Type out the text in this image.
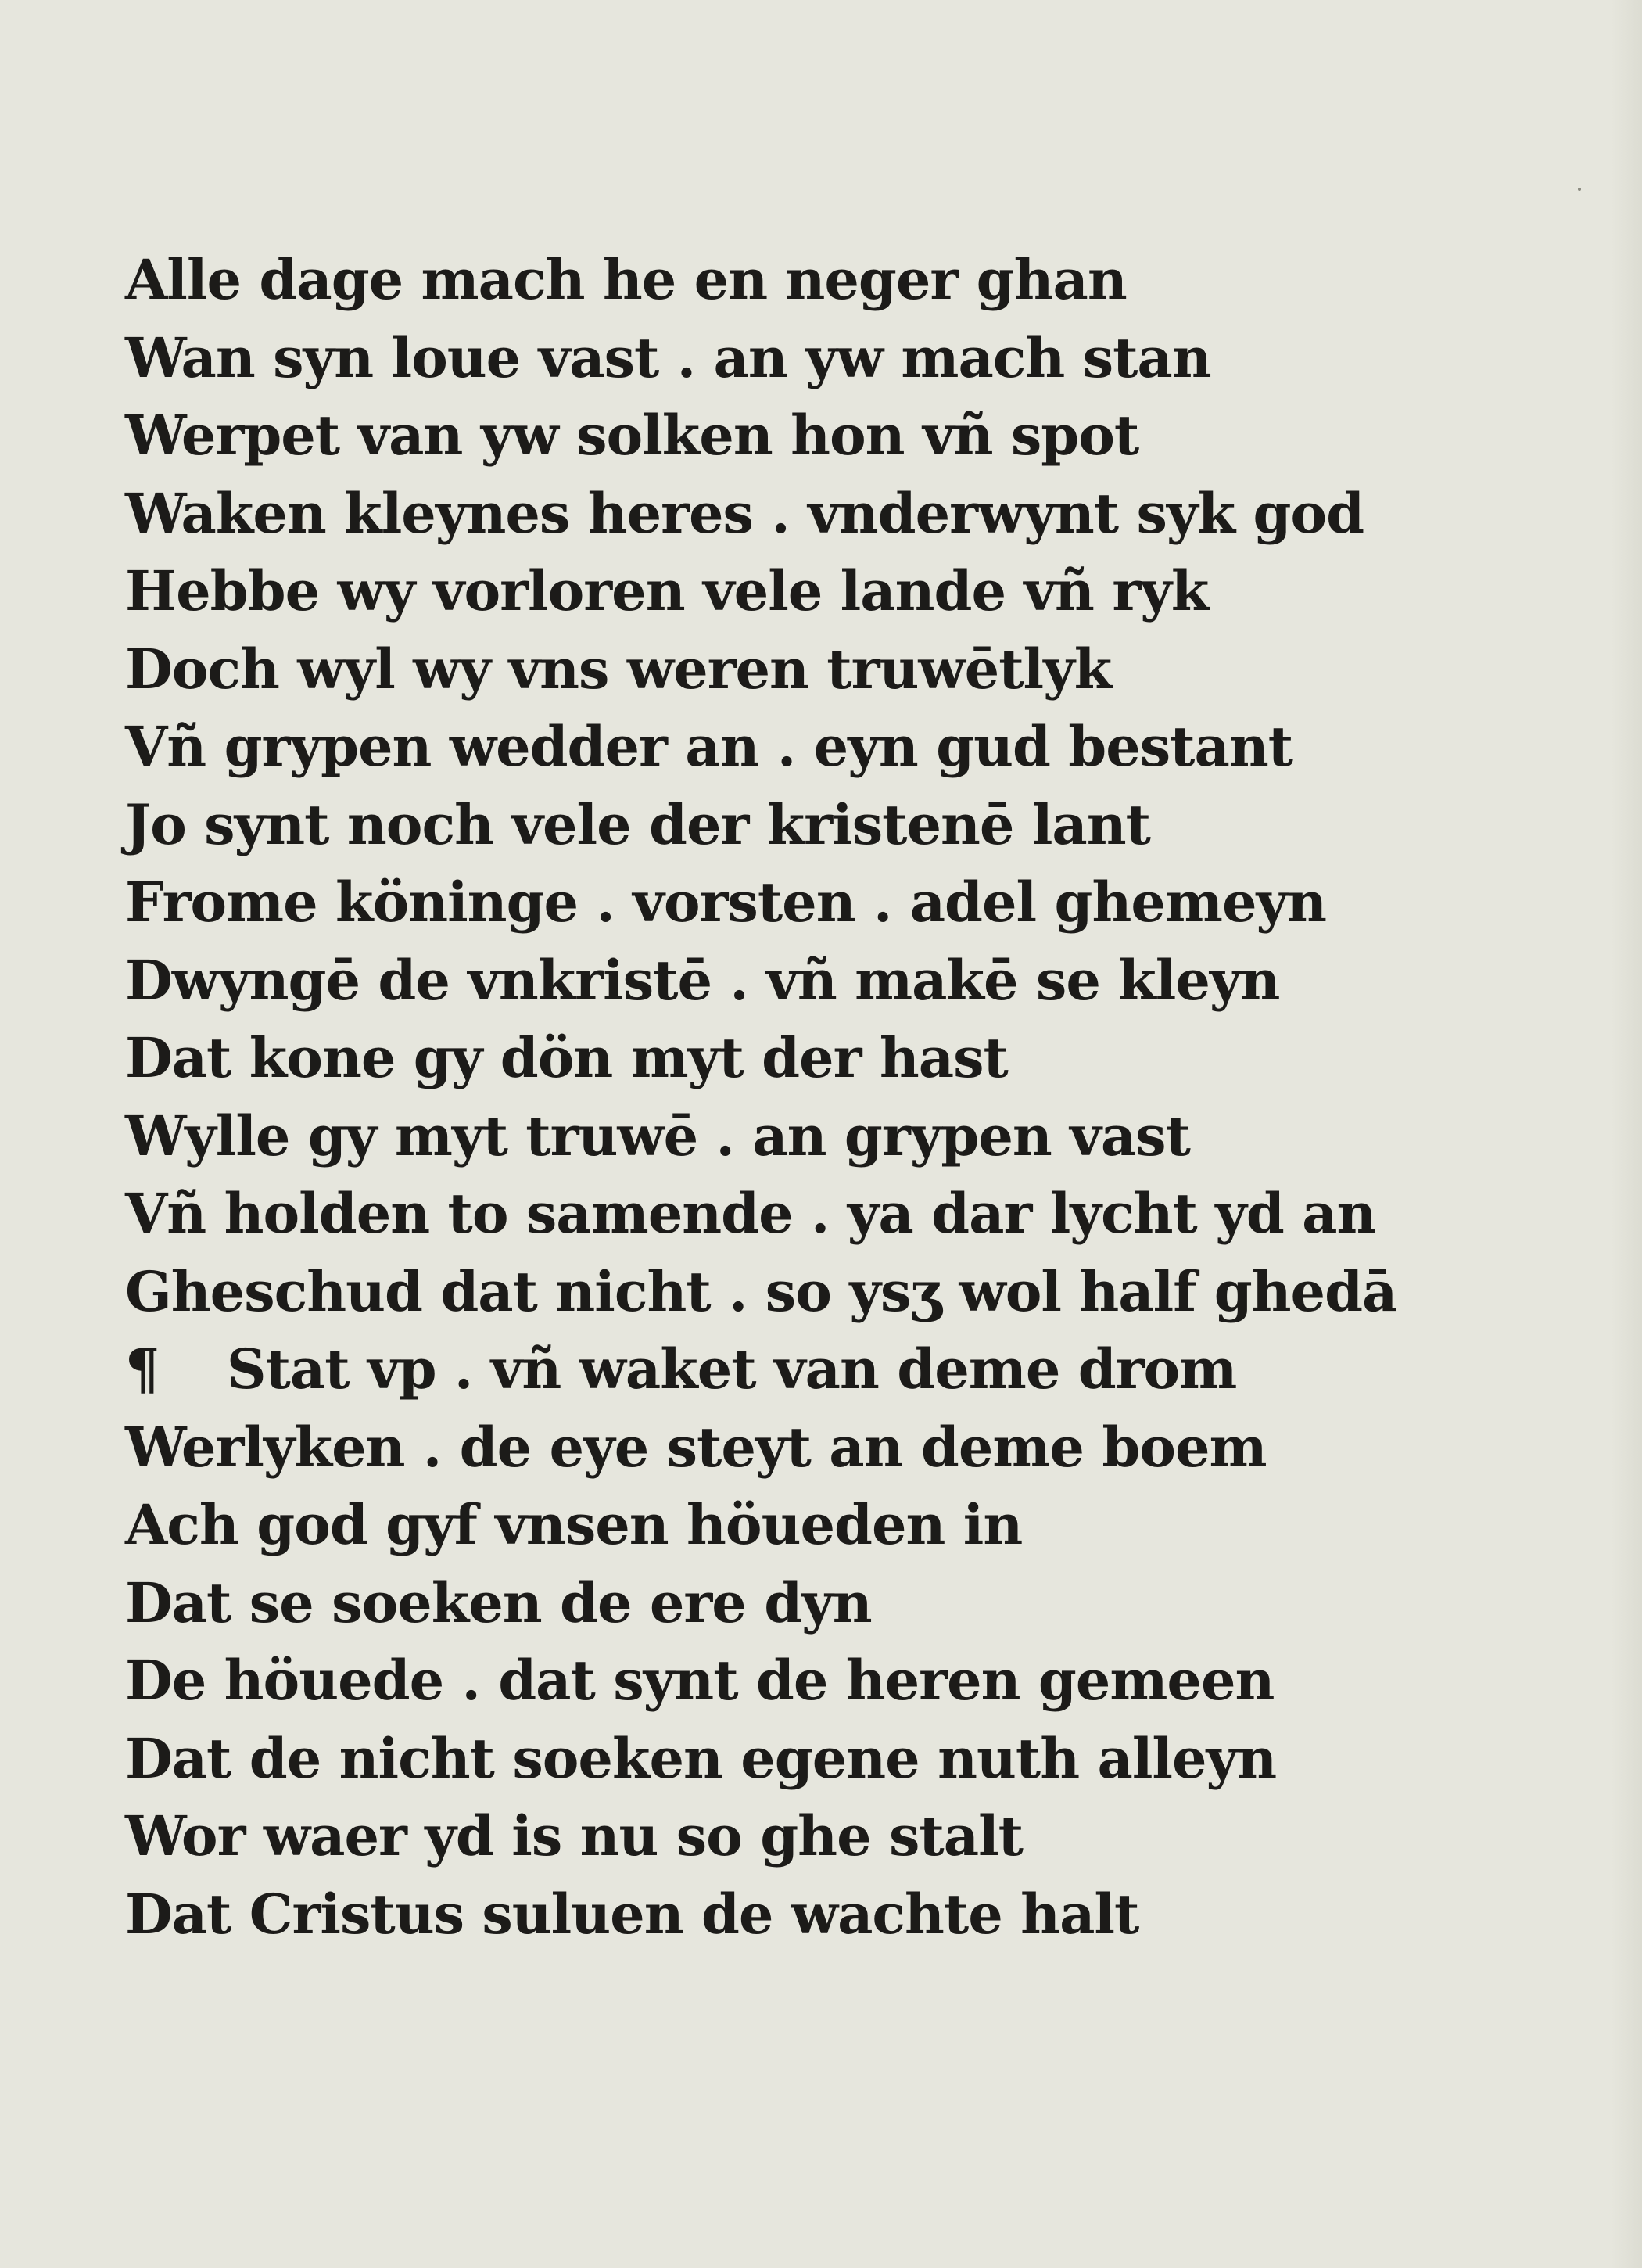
Alle dage mach he en neger ghan
Wan syn loue vast . an yw mach stan
Werpet van yw solken hon vñ spot
Waken kleynes heres . vnderwynt syk god
Hebbe wy vorloren vele lande vñ ryk
Doch wyl wy vns weren truwētlyk
Vñ grypen wedder an . eyn gud bestant
Jo synt noch vele der kristenē lant
Frome köninge . vorsten . adel ghemeyn
Dwyngē de vnkristē . vñ makē se kleyn
Dat kone gy dön myt der hast
Wylle gy myt truwē . an grypen vast
Vñ holden to samende . ya dar lycht yd an
Gheschud dat nicht . so ysʒ wol half ghedā
¶ Stat vp . vñ waket van deme drom
Werlyken . de eye steyt an deme boem
Ach god gyf vnsen höueden in
Dat se soeken de ere dyn
De höuede . dat synt de heren gemeen
Dat de nicht soeken egene nuth alleyn
Wor waer yd is nu so ghe stalt
Dat Cristus suluen de wachte halt
